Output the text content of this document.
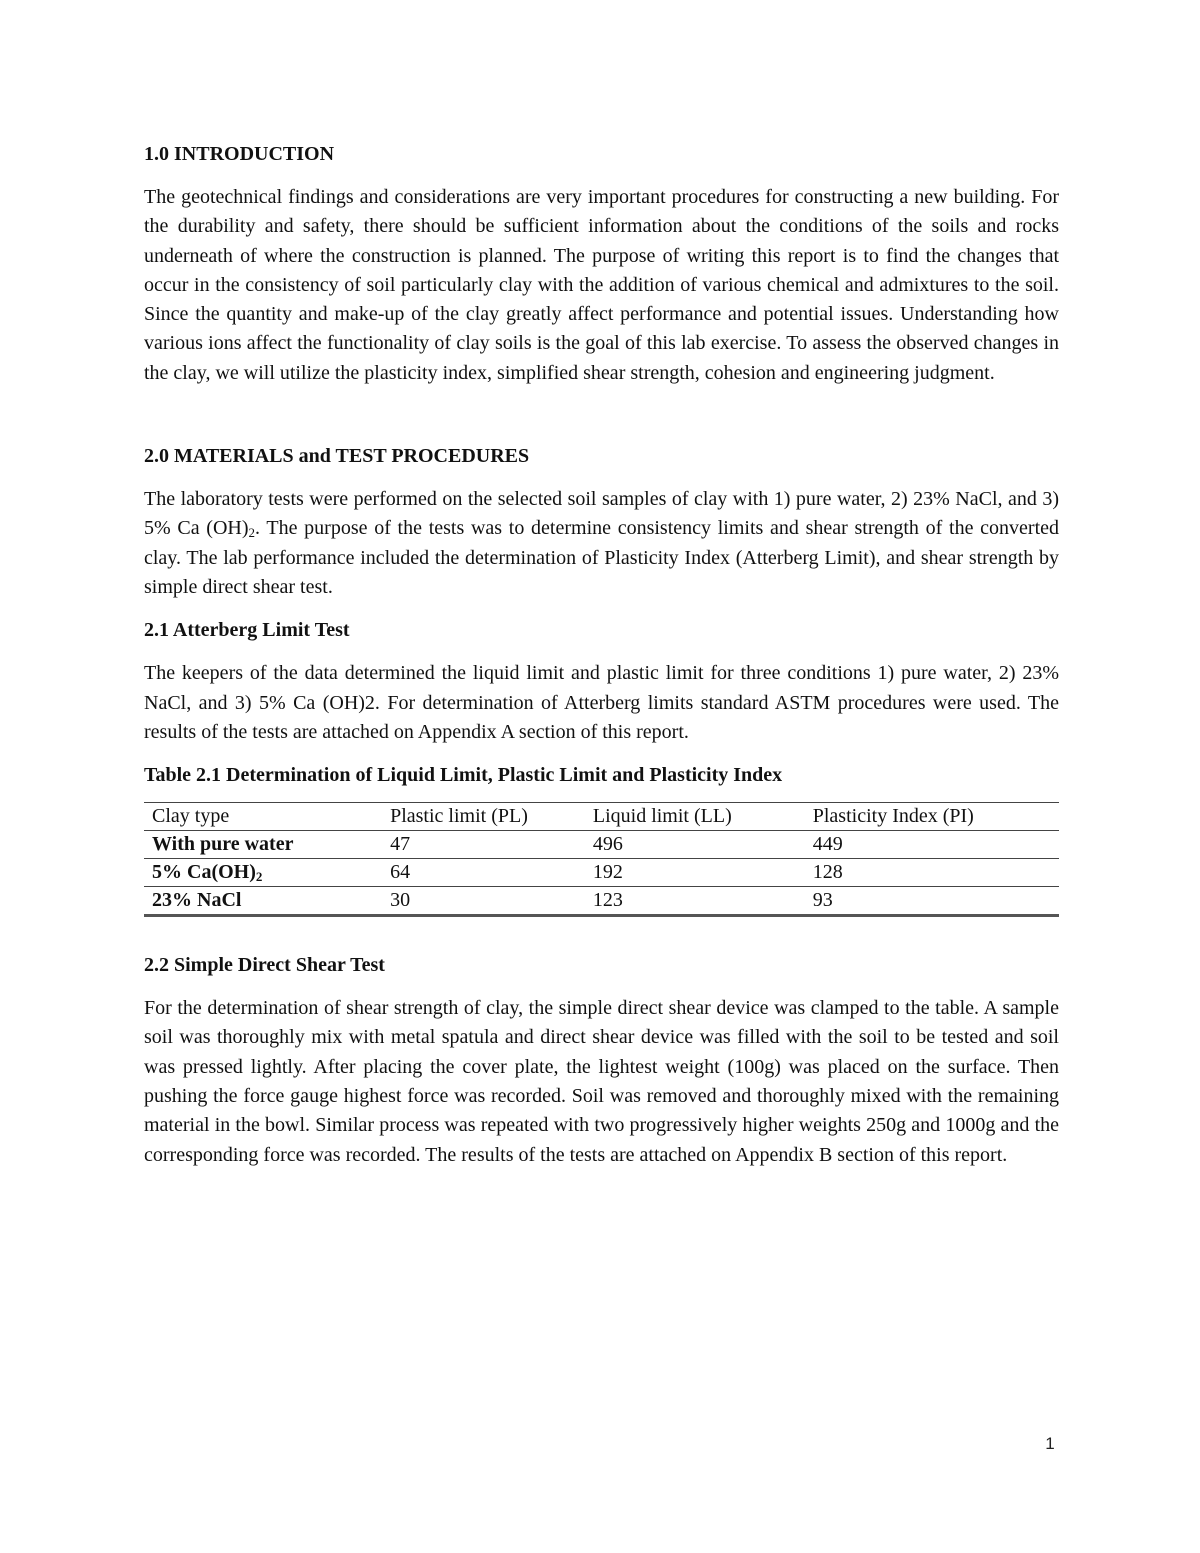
1.0 INTRODUCTION

The geotechnical findings and considerations are very important procedures for constructing a new building. For the durability and safety, there should be sufficient information about the conditions of the soils and rocks underneath of where the construction is planned. The purpose of writing this report is to find the changes that occur in the consistency of soil particularly clay with the addition of various chemical and admixtures to the soil. Since the quantity and make-up of the clay greatly affect performance and potential issues. Understanding how various ions affect the functionality of clay soils is the goal of this lab exercise. To assess the observed changes in the clay, we will utilize the plasticity index, simplified shear strength, cohesion and engineering judgment.

2.0 MATERIALS and TEST PROCEDURES

The laboratory tests were performed on the selected soil samples of clay with 1) pure water, 2) 23% NaCl, and 3) 5% Ca $(OH)_2$. The purpose of the tests was to determine consistency limits and shear strength of the converted clay. The lab performance included the determination of Plasticity Index (Atterberg Limit), and shear strength by simple direct shear test.

2.1 Atterberg Limit Test

The keepers of the data determined the liquid limit and plastic limit for three conditions 1) pure water, 2) 23% NaCl, and 3) 5% Ca (OH)2. For determination of Atterberg limits standard ASTM procedures were used. The results of the tests are attached on Appendix A section of this report.

Table 2.1 Determination of Liquid Limit, Plastic Limit and Plasticity Index
Clay type	Plastic limit (PL)	Liquid limit (LL)	Plasticity Index (PI)
With pure water	47	496	449
5% $Ca(OH)_2$	64	192	128
23% NaCl	30	123	93
2.2 Simple Direct Shear Test

For the determination of shear strength of clay, the simple direct shear device was clamped to the table. A sample soil was thoroughly mix with metal spatula and direct shear device was filled with the soil to be tested and soil was pressed lightly. After placing the cover plate, the lightest weight (100g) was placed on the surface. Then pushing the force gauge highest force was recorded. Soil was removed and thoroughly mixed with the remaining material in the bowl. Similar process was repeated with two progressively higher weights 250g and 1000g and the corresponding force was recorded. The results of the tests are attached on Appendix B section of this report.

1
